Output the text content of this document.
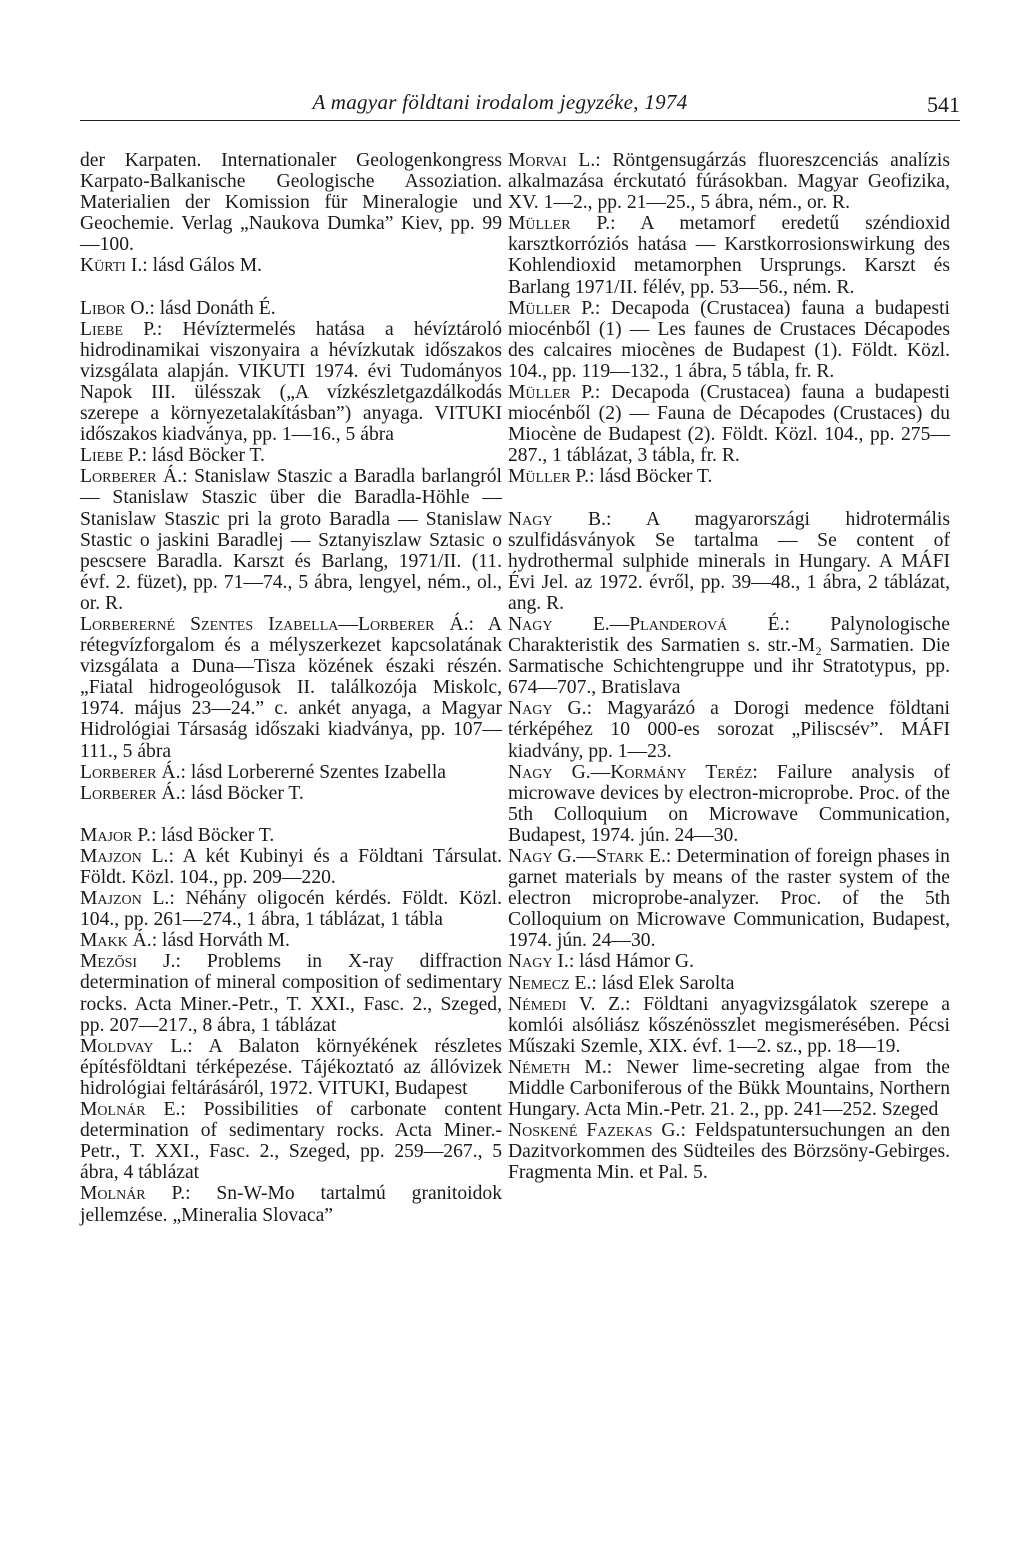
A magyar földtani irodalom jegyzéke, 1974	541
der Karpaten. Internationaler Geologenkongress Karpato-Balkanische Geologische Assoziation. Materialien der Komission für Mineralogie und Geochemie. Verlag „Naukova Dumka” Kiev, pp. 99—100.
Kürti I.: lásd Gálos M.
Libor O.: lásd Donáth É.
Liebe P.: Hévíztermelés hatása a hévíztároló hidrodinamikai viszonyaira a hévízkutak időszakos vizsgálata alapján. VIKUTI 1974. évi Tudományos Napok III. ülésszak („A vízkészletgazdálkodás szerepe a környezetalakításban”) anyaga. VITUKI időszakos kiadványa, pp. 1—16., 5 ábra
Liebe P.: lásd Böcker T.
Lorberer Á.: Stanislaw Staszic a Baradla barlangról — Stanislaw Staszic über die Baradla-Höhle — Stanislaw Staszic pri la groto Baradla — Stanislaw Stastic o jaskini Baradlej — Sztanyiszlaw Sztasic o pescsere Baradla. Karszt és Barlang, 1971/II. (11. évf. 2. füzet), pp. 71—74., 5 ábra, lengyel, ném., ol., or. R.
Lorbererné Szentes Izabella—Lorberer Á.: A rétegvízforgalom és a mélyszerkezet kapcsolatának vizsgálata a Duna—Tisza közének északi részén. „Fiatal hidrogeológusok II. találkozója Miskolc, 1974. május 23—24.” c. ankét anyaga, a Magyar Hidrológiai Társaság időszaki kiadványa, pp. 107—111., 5 ábra
Lorberer Á.: lásd Lorbererné Szentes Izabella
Lorberer Á.: lásd Böcker T.
Major P.: lásd Böcker T.
Majzon L.: A két Kubinyi és a Földtani Társulat. Földt. Közl. 104., pp. 209—220.
Majzon L.: Néhány oligocén kérdés. Földt. Közl. 104., pp. 261—274., 1 ábra, 1 táblázat, 1 tábla
Makk Á.: lásd Horváth M.
Mezősi J.: Problems in X-ray diffraction determination of mineral composition of sedimentary rocks. Acta Miner.-Petr., T. XXI., Fasc. 2., Szeged, pp. 207—217., 8 ábra, 1 táblázat
Moldvay L.: A Balaton környékének részletes építésföldtani térképezése. Tájékoztató az állóvizek hidrológiai feltárásáról, 1972. VITUKI, Budapest
Molnár E.: Possibilities of carbonate content determination of sedimentary rocks. Acta Miner.-Petr., T. XXI., Fasc. 2., Szeged, pp. 259—267., 5 ábra, 4 táblázat
Molnár P.: Sn-W-Mo tartalmú granitoidok jellemzése. „Mineralia Slovaca”
Morvai L.: Röntgensugárzás fluoreszcenciás analízis alkalmazása érckutató fúrásokban. Magyar Geofizika, XV. 1—2., pp. 21—25., 5 ábra, ném., or. R.
Müller P.: A metamorf eredetű széndioxid karsztkorróziós hatása — Karstkorrosionswirkung des Kohlendioxid metamorphen Ursprungs. Karszt és Barlang 1971/II. félév, pp. 53—56., ném. R.
Müller P.: Decapoda (Crustacea) fauna a budapesti miocénből (1) — Les faunes de Crustaces Décapodes des calcaires miocènes de Budapest (1). Földt. Közl. 104., pp. 119—132., 1 ábra, 5 tábla, fr. R.
Müller P.: Decapoda (Crustacea) fauna a budapesti miocénből (2) — Fauna de Décapodes (Crustaces) du Miocène de Budapest (2). Földt. Közl. 104., pp. 275—287., 1 táblázat, 3 tábla, fr. R.
Müller P.: lásd Böcker T.
Nagy B.: A magyarországi hidrotermális szulfidásványok Se tartalma — Se content of hydrothermal sulphide minerals in Hungary. A MÁFI Évi Jel. az 1972. évről, pp. 39—48., 1 ábra, 2 táblázat, ang. R.
Nagy E.—Planderová É.: Palynologische Charakteristik des Sarmatien s. str.-M₂ Sarmatien. Die Sarmatische Schichtengruppe und ihr Stratotypus, pp. 674—707., Bratislava
Nagy G.: Magyarázó a Dorogi medence földtani térképéhez 10 000-es sorozat „Piliscsév”. MÁFI kiadvány, pp. 1—23.
Nagy G.—Kormány Teréz: Failure analysis of microwave devices by electron-microprobe. Proc. of the 5th Colloquium on Microwave Communication, Budapest, 1974. jún. 24—30.
Nagy G.—Stark E.: Determination of foreign phases in garnet materials by means of the raster system of the electron microprobe-analyzer. Proc. of the 5th Colloquium on Microwave Communication, Budapest, 1974. jún. 24—30.
Nagy I.: lásd Hámor G.
Nemecz E.: lásd Elek Sarolta
Némedi V. Z.: Földtani anyagvizsgálatok szerepe a komlói alsóliász kőszénösszlet megismerésében. Pécsi Műszaki Szemle, XIX. évf. 1—2. sz., pp. 18—19.
Németh M.: Newer lime-secreting algae from the Middle Carboniferous of the Bükk Mountains, Northern Hungary. Acta Min.-Petr. 21. 2., pp. 241—252. Szeged
Noskené Fazekas G.: Feldspatuntersuchungen an den Dazitvorkommen des Südteiles des Börzsöny-Gebirges. Fragmenta Min. et Pal. 5.
